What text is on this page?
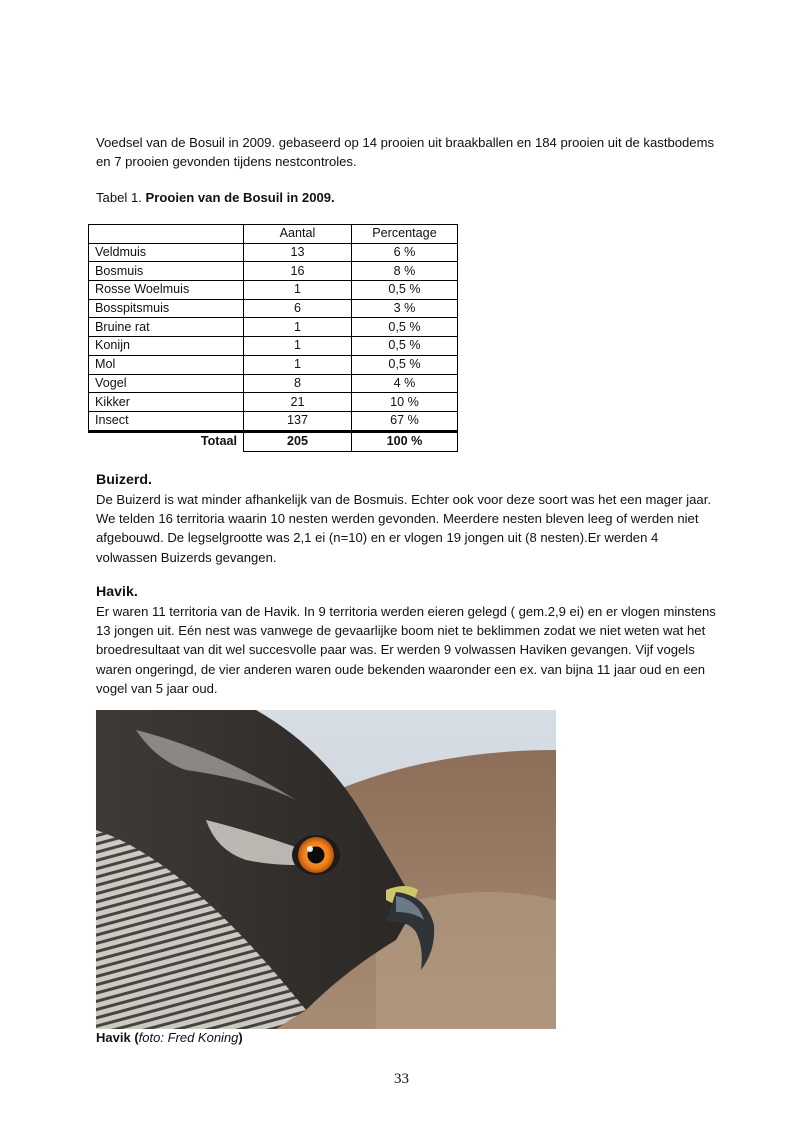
Voedsel van de Bosuil in 2009. gebaseerd op 14 prooien uit braakballen en 184 prooien uit de kastbodems en 7 prooien gevonden tijdens nestcontroles.

Tabel 1. Prooien van de Bosuil in 2009.

	Aantal	Percentage
Veldmuis	13	6 %
Bosmuis	16	8 %
Rosse Woelmuis	1	0,5 %
Bosspitsmuis	6	3 %
Bruine rat	1	0,5 %
Konijn	1	0,5 %
Mol	1	0,5 %
Vogel	8	4 %
Kikker	21	10 %
Insect	137	67 %
Totaal	205	100 %
Buizerd.

De Buizerd is wat minder afhankelijk van de Bosmuis. Echter ook voor deze soort was het een mager jaar. We telden 16 territoria waarin 10 nesten werden gevonden. Meerdere nesten bleven leeg of werden niet afgebouwd. De legselgrootte was 2,1 ei (n=10) en er vlogen 19 jongen uit (8 nesten).Er werden 4 volwassen Buizerds gevangen.

Havik.

Er waren 11 territoria van de Havik. In 9 territoria werden eieren gelegd ( gem.2,9 ei) en er vlogen minstens 13 jongen uit. Eén nest was vanwege de gevaarlijke boom niet te beklimmen zodat we niet weten wat het broedresultaat van dit wel succesvolle paar was. Er werden 9 volwassen Haviken gevangen. Vijf vogels waren ongeringd, de vier anderen waren oude bekenden waaronder een ex. van bijna 11 jaar oud en een vogel van 5 jaar oud.

Havik (foto: Fred Koning)
33
